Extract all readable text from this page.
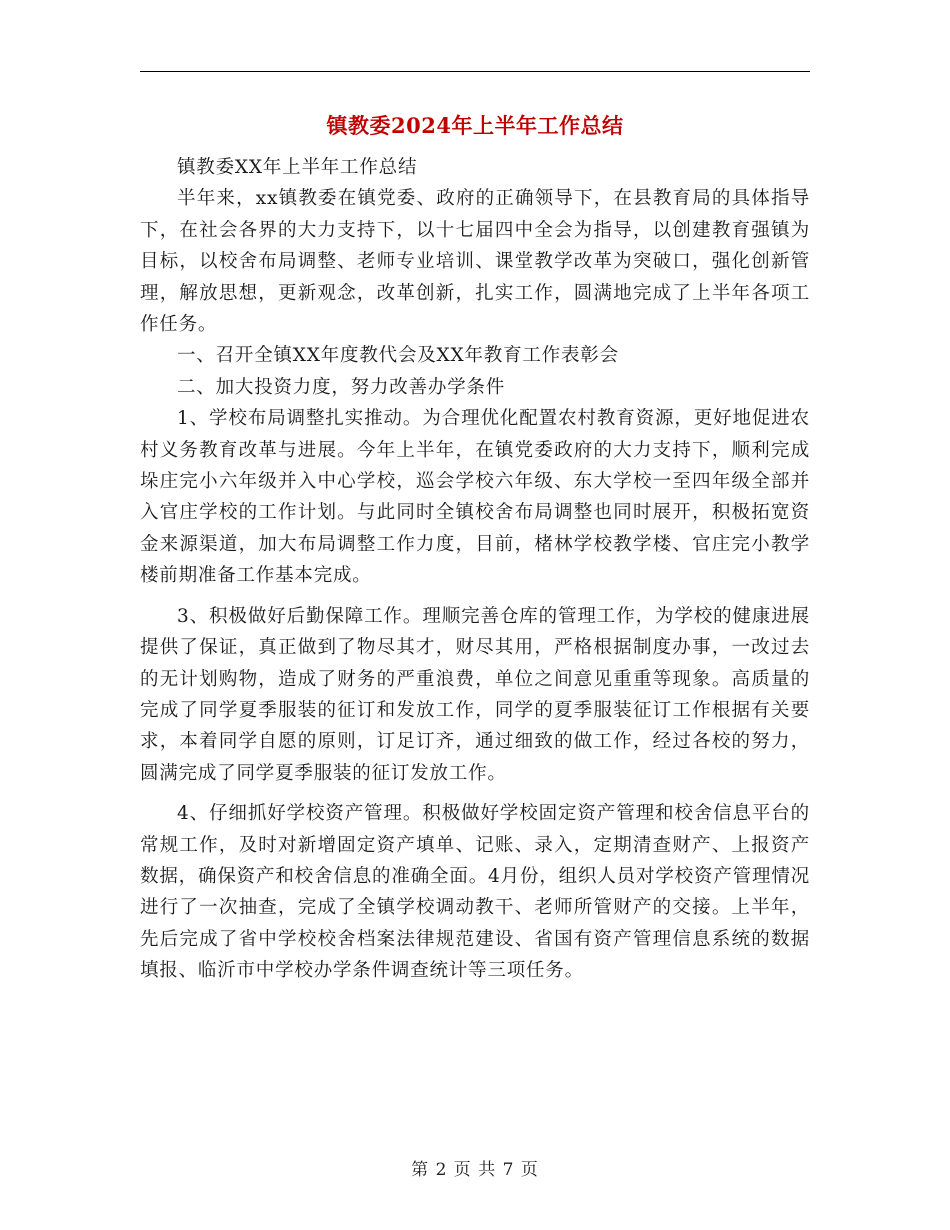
镇教委2024年上半年工作总结

镇教委XX年上半年工作总结

半年来，xx镇教委在镇党委、政府的正确领导下，在县教育局的具体指导下，在社会各界的大力支持下，以十七届四中全会为指导，以创建教育强镇为目标，以校舍布局调整、老师专业培训、课堂教学改革为突破口，强化创新管理，解放思想，更新观念，改革创新，扎实工作，圆满地完成了上半年各项工作任务。

一、召开全镇XX年度教代会及XX年教育工作表彰会

二、加大投资力度，努力改善办学条件

1、学校布局调整扎实推动。为合理优化配置农村教育资源，更好地促进农村义务教育改革与进展。今年上半年，在镇党委政府的大力支持下，顺利完成垛庄完小六年级并入中心学校，巡会学校六年级、东大学校一至四年级全部并入官庄学校的工作计划。与此同时全镇校舍布局调整也同时展开，积极拓宽资金来源渠道，加大布局调整工作力度，目前，楮林学校教学楼、官庄完小教学楼前期准备工作基本完成。

3、积极做好后勤保障工作。理顺完善仓库的管理工作，为学校的健康进展提供了保证，真正做到了物尽其才，财尽其用，严格根据制度办事，一改过去的无计划购物，造成了财务的严重浪费，单位之间意见重重等现象。高质量的完成了同学夏季服装的征订和发放工作，同学的夏季服装征订工作根据有关要求，本着同学自愿的原则，订足订齐，通过细致的做工作，经过各校的努力，圆满完成了同学夏季服装的征订发放工作。

4、仔细抓好学校资产管理。积极做好学校固定资产管理和校舍信息平台的常规工作，及时对新增固定资产填单、记账、录入，定期清查财产、上报资产数据，确保资产和校舍信息的准确全面。4月份，组织人员对学校资产管理情况进行了一次抽查，完成了全镇学校调动教干、老师所管财产的交接。上半年，先后完成了省中学校校舍档案法律规范建设、省国有资产管理信息系统的数据填报、临沂市中学校办学条件调查统计等三项任务。

第 2 页 共 7 页
